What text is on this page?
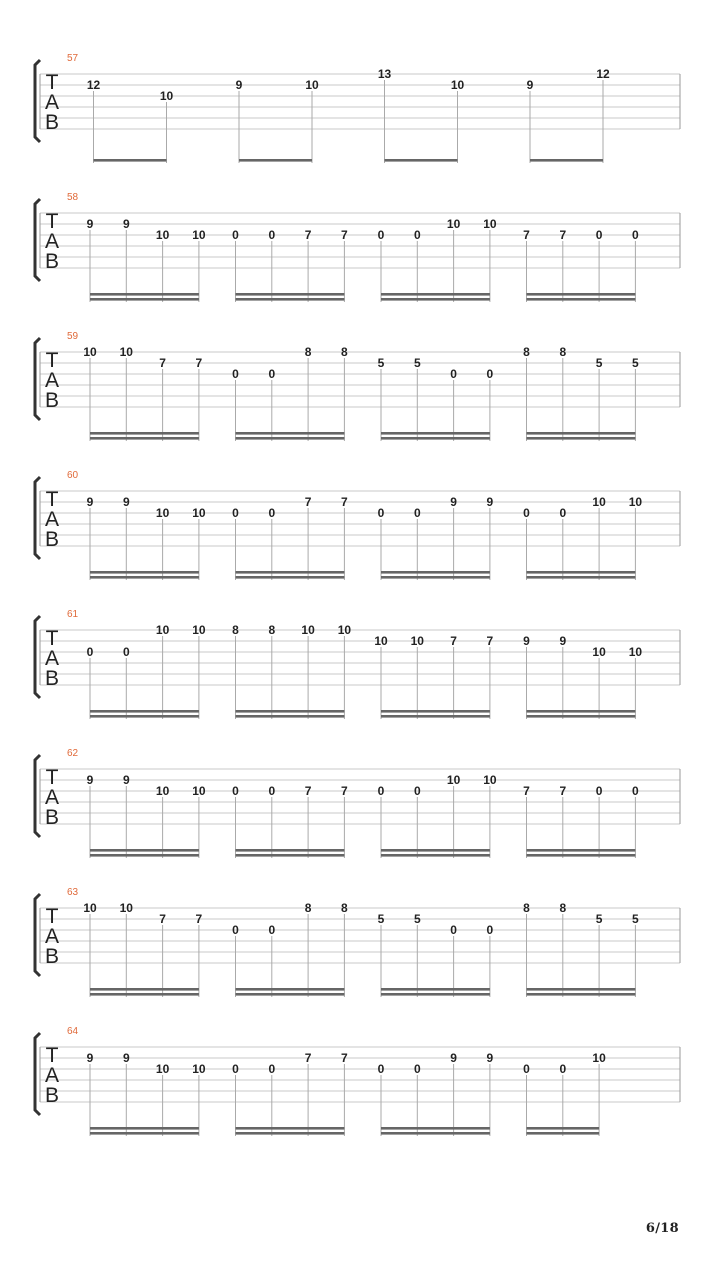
T
A
B
57
12
10
9	10
13
10	9
12
T
A
B
58
9 9
10 10 0 0 7 7 0 0
10 10
7 7 0 0
T
A
B
59
10 10
7 7
0 0
8 8
5 5
0 0
8 8
5 5
T
A
B
60
9 9
10 10 0 0
7 7
0 0
9 9
0 0
10 10
T
A
B
61
0 0
10 10 8 8 10 10
10 10 7 7 9 9
10 10
T
A
B
62
9 9
10 10 0 0 7 7 0 0
10 10
7 7 0 0
T
A
B
63
10 10
7 7
0 0
8 8
5 5
0 0
8 8
5 5
T
A
B
64
9 9
10 10 0 0
7 7
0 0
9 9
0 0
10
6/18
